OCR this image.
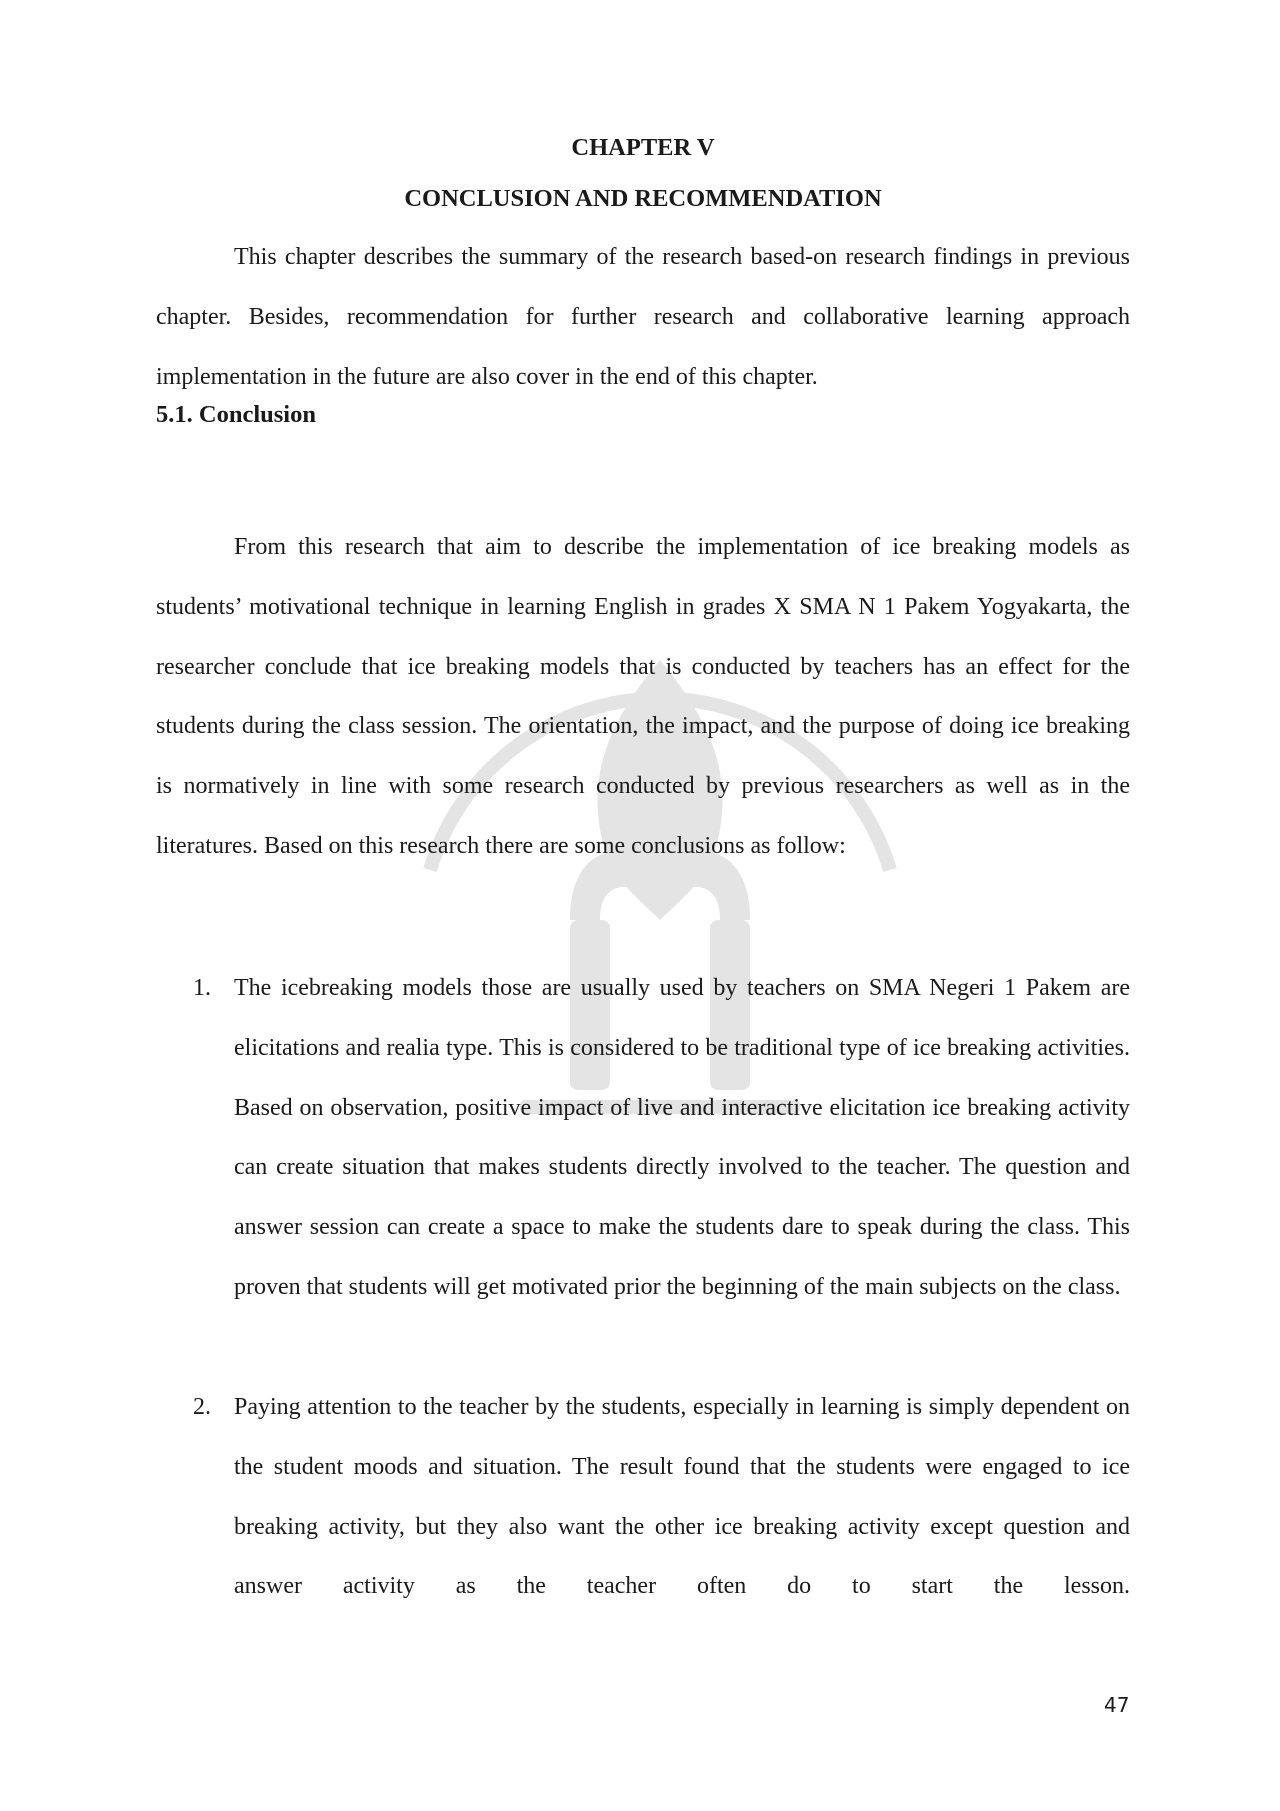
CHAPTER V
CONCLUSION AND RECOMMENDATION
This chapter describes the summary of the research based-on research findings in previous chapter. Besides, recommendation for further research and collaborative learning approach implementation in the future are also cover in the end of this chapter.
5.1. Conclusion
From this research that aim to describe the implementation of ice breaking models as students’ motivational technique in learning English in grades X SMA N 1 Pakem Yogyakarta, the researcher conclude that ice breaking models that is conducted by teachers has an effect for the students during the class session. The orientation, the impact, and the purpose of doing ice breaking is normatively in line with some research conducted by previous researchers as well as in the literatures. Based on this research there are some conclusions as follow:
1. The icebreaking models those are usually used by teachers on SMA Negeri 1 Pakem are elicitations and realia type. This is considered to be traditional type of ice breaking activities. Based on observation, positive impact of live and interactive elicitation ice breaking activity can create situation that makes students directly involved to the teacher. The question and answer session can create a space to make the students dare to speak during the class. This proven that students will get motivated prior the beginning of the main subjects on the class.
2. Paying attention to the teacher by the students, especially in learning is simply dependent on the student moods and situation. The result found that the students were engaged to ice breaking activity, but they also want the other ice breaking activity except question and answer activity as the teacher often do to start the lesson.
47
